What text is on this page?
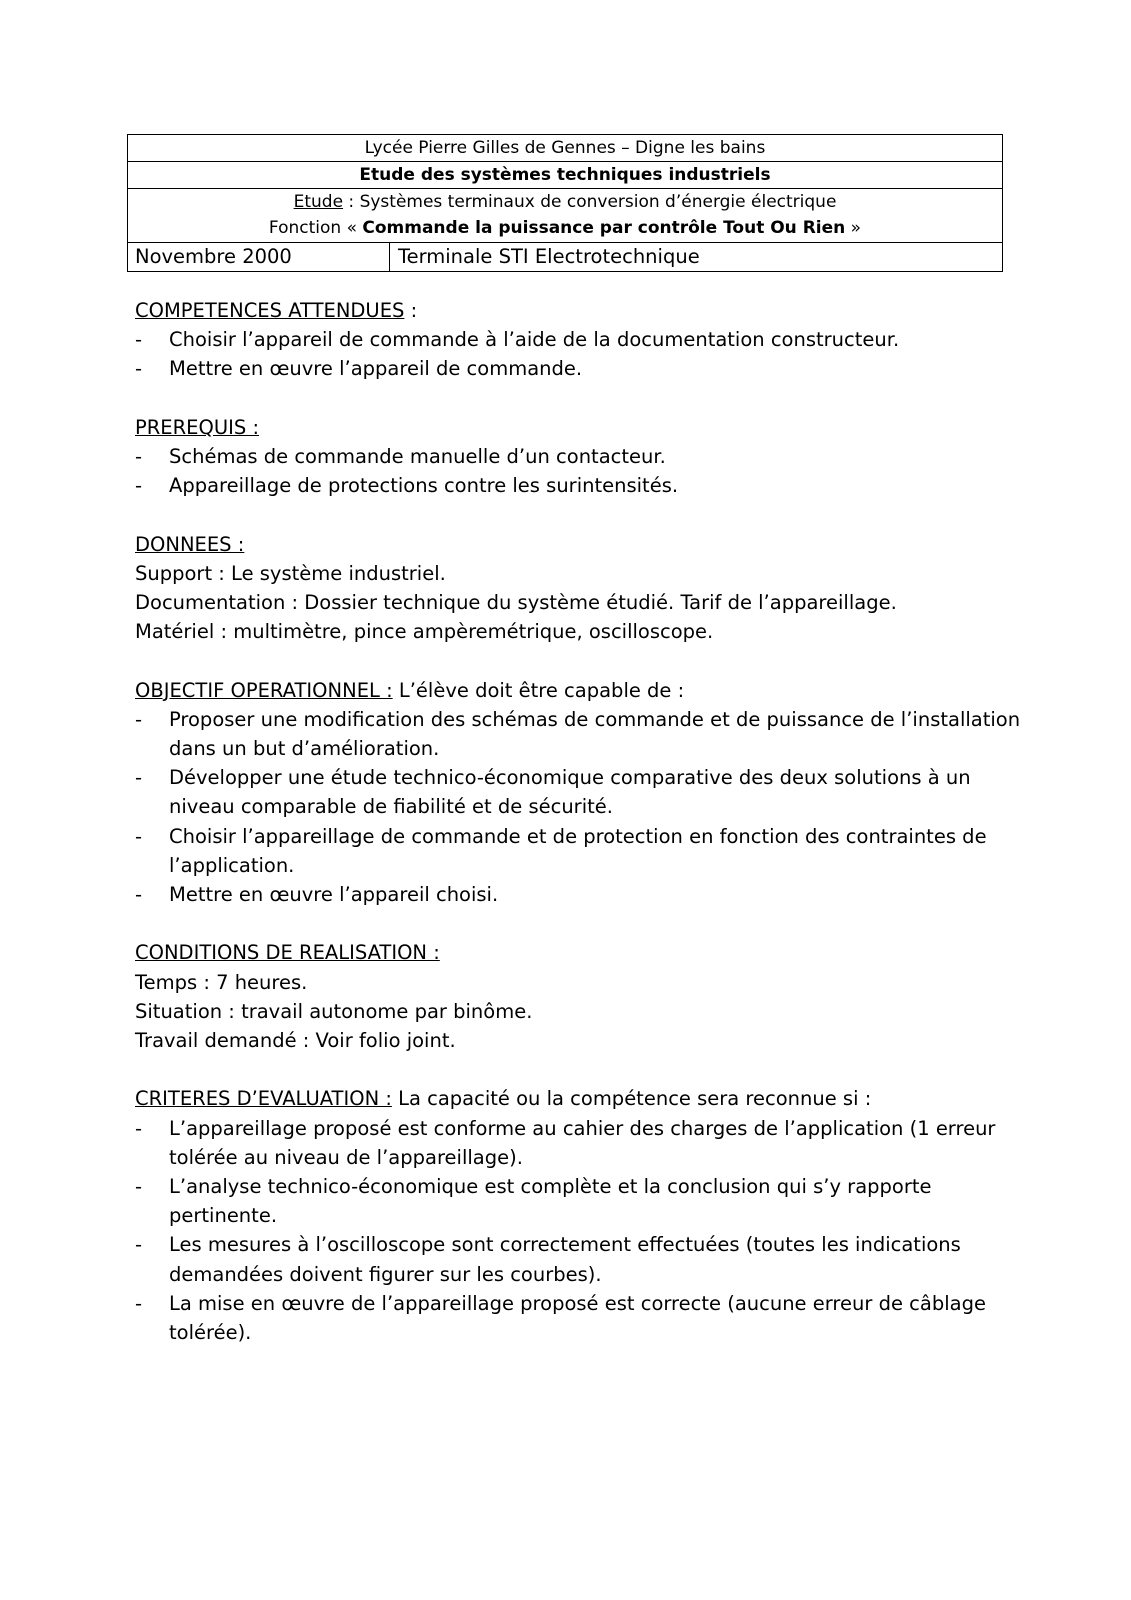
Lycée Pierre Gilles de Gennes – Digne les bains
Etude des systèmes techniques industriels
Etude : Systèmes terminaux de conversion d’énergie électrique
Fonction « Commande la puissance par contrôle Tout Ou Rien »
Novembre 2000	Terminale STI Electrotechnique
COMPETENCES ATTENDUES :
- Choisir l’appareil de commande à l’aide de la documentation constructeur.
- Mettre en œuvre l’appareil de commande.
PREREQUIS :
- Schémas de commande manuelle d’un contacteur.
- Appareillage de protections contre les surintensités.
DONNEES :
Support : Le système industriel.
Documentation : Dossier technique du système étudié. Tarif de l’appareillage.
Matériel : multimètre, pince ampèremétrique, oscilloscope.
OBJECTIF OPERATIONNEL : L’élève doit être capable de :
- Proposer une modification des schémas de commande et de puissance de l’installation
dans un but d’amélioration.
- Développer une étude technico-économique comparative des deux solutions à un
niveau comparable de fiabilité et de sécurité.
- Choisir l’appareillage de commande et de protection en fonction des contraintes de
l’application.
- Mettre en œuvre l’appareil choisi.
CONDITIONS DE REALISATION :
Temps : 7 heures.
Situation : travail autonome par binôme.
Travail demandé : Voir folio joint.
CRITERES D’EVALUATION : La capacité ou la compétence sera reconnue si :
- L’appareillage proposé est conforme au cahier des charges de l’application (1 erreur
tolérée au niveau de l’appareillage).
- L’analyse technico-économique est complète et la conclusion qui s’y rapporte
pertinente.
- Les mesures à l’oscilloscope sont correctement effectuées (toutes les indications
demandées doivent figurer sur les courbes).
- La mise en œuvre de l’appareillage proposé est correcte (aucune erreur de câblage
tolérée).
